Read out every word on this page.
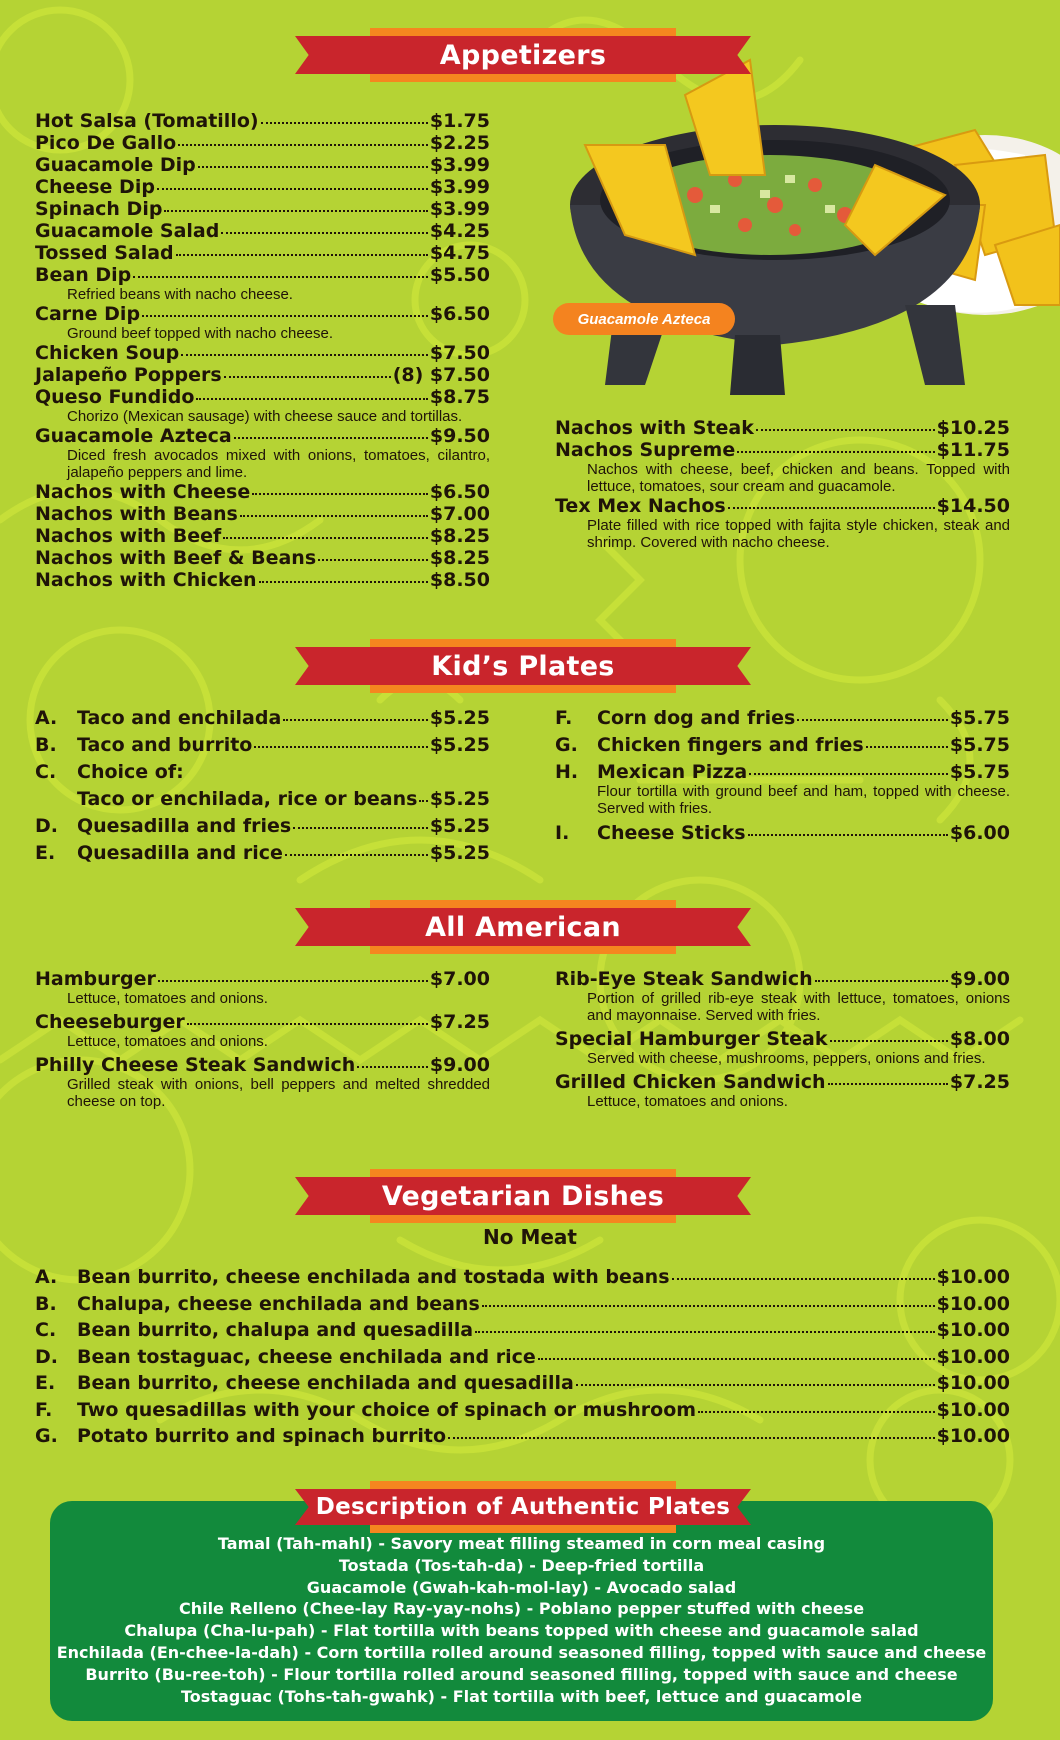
Guacamole Azteca
Appetizers
Hot Salsa (Tomatillo)	$1.75
Pico De Gallo	$2.25
Guacamole Dip	$3.99
Cheese Dip	$3.99
Spinach Dip	$3.99
Guacamole Salad	$4.25
Tossed Salad	$4.75
Bean Dip	$5.50
Refried beans with nacho cheese.
Carne Dip	$6.50
Ground beef topped with nacho cheese.
Chicken Soup	$7.50
Jalapeño Poppers	(8) $7.50
Queso Fundido	$8.75
Chorizo (Mexican sausage) with cheese sauce and tortillas.
Guacamole Azteca	$9.50
Diced fresh avocados mixed with onions, tomatoes, cilantro, jalapeño peppers and lime.
Nachos with Cheese	$6.50
Nachos with Beans	$7.00
Nachos with Beef	$8.25
Nachos with Beef & Beans	$8.25
Nachos with Chicken	$8.50
Nachos with Steak	$10.25
Nachos Supreme	$11.75
Nachos with cheese, beef, chicken and beans. Topped with lettuce, tomatoes, sour cream and guacamole.
Tex Mex Nachos	$14.50
Plate filled with rice topped with fajita style chicken, steak and shrimp. Covered with nacho cheese.
Kid’s Plates
A.	Taco and enchilada	$5.25
B.	Taco and burrito	$5.25
C.	Choice of:
Taco or enchilada, rice or beans $5.25
D.	Quesadilla and fries	$5.25
E.	Quesadilla and rice	$5.25
F.	Corn dog and fries	$5.75
G.	Chicken fingers and fries	$5.75
H. Mexican Pizza	$5.75
Flour tortilla with ground beef and ham, topped with cheese. Served with fries.
I.	Cheese Sticks	$6.00
All American
Hamburger	$7.00
Lettuce, tomatoes and onions.
Cheeseburger	$7.25
Lettuce, tomatoes and onions.
Philly Cheese Steak Sandwich	$9.00
Grilled steak with onions, bell peppers and melted shredded cheese on top.
Rib-Eye Steak Sandwich	$9.00
Portion of grilled rib-eye steak with lettuce, tomatoes, onions and mayonnaise. Served with fries.
Special Hamburger Steak	$8.00
Served with cheese, mushrooms, peppers, onions and fries.
Grilled Chicken Sandwich	$7.25
Lettuce, tomatoes and onions.
Vegetarian Dishes
No Meat
A.	Bean burrito, cheese enchilada and tostada with beans	$10.00
B.	Chalupa, cheese enchilada and beans	$10.00
C.	Bean burrito, chalupa and quesadilla	$10.00
D.	Bean tostaguac, cheese enchilada and rice	$10.00
E.	Bean burrito, cheese enchilada and quesadilla	$10.00
F.	Two quesadillas with your choice of spinach or mushroom	$10.00
G.	Potato burrito and spinach burrito	$10.00
Tamal (Tah-mahl) - Savory meat filling steamed in corn meal casing
Tostada (Tos-tah-da) - Deep-fried tortilla
Guacamole (Gwah-kah-mol-lay) - Avocado salad
Chile Relleno (Chee-lay Ray-yay-nohs) - Poblano pepper stuffed with cheese
Chalupa (Cha-lu-pah) - Flat tortilla with beans topped with cheese and guacamole salad
Enchilada (En-chee-la-dah) - Corn tortilla rolled around seasoned filling, topped with sauce and cheese
Burrito (Bu-ree-toh) - Flour tortilla rolled around seasoned filling, topped with sauce and cheese
Tostaguac (Tohs-tah-gwahk) - Flat tortilla with beef, lettuce and guacamole
Description of Authentic Plates
